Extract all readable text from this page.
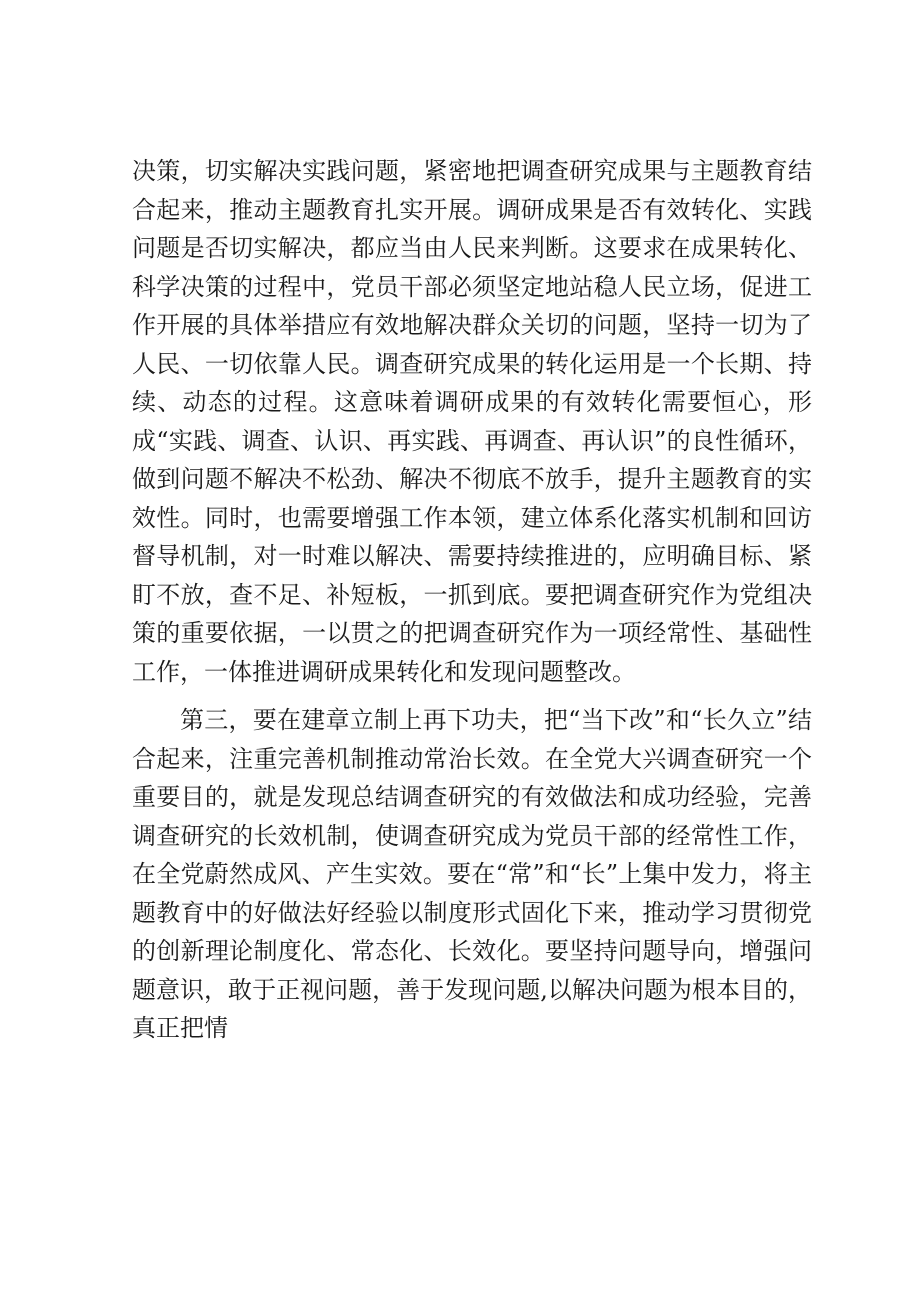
决策，切实解决实践问题，紧密地把调查研究成果与主题教育结合起来，推动主题教育扎实开展。调研成果是否有效转化、实践问题是否切实解决，都应当由人民来判断。这要求在成果转化、科学决策的过程中，党员干部必须坚定地站稳人民立场，促进工作开展的具体举措应有效地解决群众关切的问题，坚持一切为了人民、一切依靠人民。调查研究成果的转化运用是一个长期、持续、动态的过程。这意味着调研成果的有效转化需要恒心，形成“实践、调查、认识、再实践、再调查、再认识”的良性循环，做到问题不解决不松劲、解决不彻底不放手，提升主题教育的实效性。同时，也需要增强工作本领，建立体系化落实机制和回访督导机制，对一时难以解决、需要持续推进的，应明确目标、紧盯不放，查不足、补短板，一抓到底。要把调查研究作为党组决策的重要依据，一以贯之的把调查研究作为一项经常性、基础性工作，一体推进调研成果转化和发现问题整改。

第三，要在建章立制上再下功夫，把“当下改”和“长久立”结合起来，注重完善机制推动常治长效。在全党大兴调查研究一个重要目的，就是发现总结调查研究的有效做法和成功经验，完善调查研究的长效机制，使调查研究成为党员干部的经常性工作，在全党蔚然成风、产生实效。要在“常”和“长”上集中发力，将主题教育中的好做法好经验以制度形式固化下来，推动学习贯彻党的创新理论制度化、常态化、长效化。要坚持问题导向，增强问题意识，敢于正视问题，善于发现问题,以解决问题为根本目的，真正把情
